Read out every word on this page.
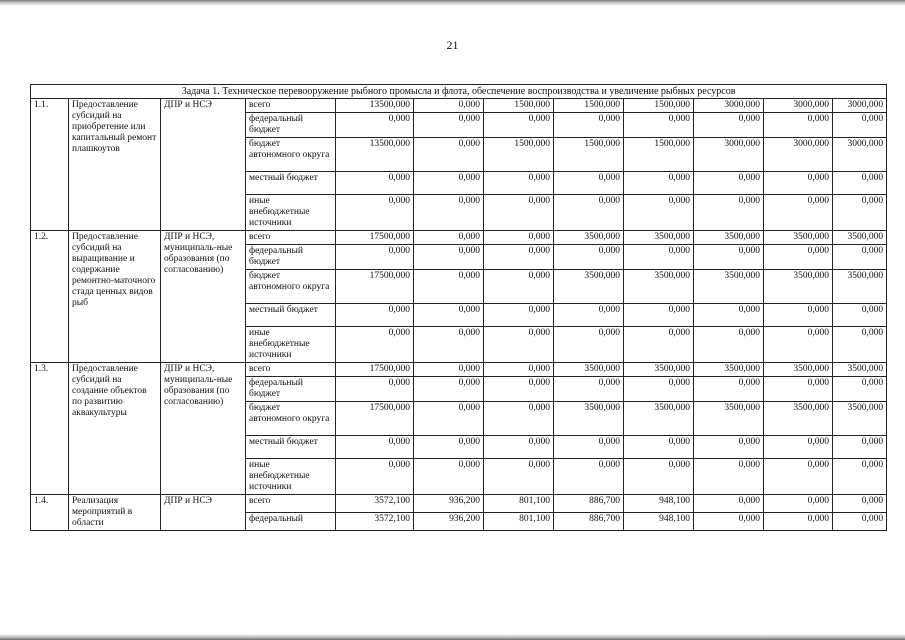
21
Задача 1. Техническое перевооружение рыбного промысла и флота, обеспечение воспроизводства и увеличение рыбных ресурсов											
1.1.	Предоставление субсидий на приобретение или капитальный ремонт плашкоутов	ДПР и НСЭ	всего	13500,000	0,000	1500,000	1500,000	1500,000	3000,000	3000,000	3000,000
			федеральный бюджет	0,000	0,000	0,000	0,000	0,000	0,000	0,000	0,000
			бюджет автономного округа	13500,000	0,000	1500,000	1500,000	1500,000	3000,000	3000,000	3000,000
			местный бюджет	0,000	0,000	0,000	0,000	0,000	0,000	0,000	0,000
			иные внебюджетные источники	0,000	0,000	0,000	0,000	0,000	0,000	0,000	0,000
1.2.	Предоставление субсидий на выращивание и содержание ремонтно-маточного стада ценных видов рыб	ДПР и НСЭ, муниципаль-ные образования (по согласованию)	всего	17500,000	0,000	0,000	3500,000	3500,000	3500,000	3500,000	3500,000
			федеральный бюджет	0,000	0,000	0,000	0,000	0,000	0,000	0,000	0,000
			бюджет автономного округа	17500,000	0,000	0,000	3500,000	3500,000	3500,000	3500,000	3500,000
			местный бюджет	0,000	0,000	0,000	0,000	0,000	0,000	0,000	0,000
			иные внебюджетные источники	0,000	0,000	0,000	0,000	0,000	0,000	0,000	0,000
1.3.	Предоставление субсидий на создание объектов по развитию аквакультуры	ДПР и НСЭ, муниципаль-ные образования (по согласованию)	всего	17500,000	0,000	0,000	3500,000	3500,000	3500,000	3500,000	3500,000
			федеральный бюджет	0,000	0,000	0,000	0,000	0,000	0,000	0,000	0,000
			бюджет автономного округа	17500,000	0,000	0,000	3500,000	3500,000	3500,000	3500,000	3500,000
			местный бюджет	0,000	0,000	0,000	0,000	0,000	0,000	0,000	0,000
			иные внебюджетные источники	0,000	0,000	0,000	0,000	0,000	0,000	0,000	0,000
1.4.	Реализация мероприятий в области	ДПР и НСЭ	всего	3572,100	936,200	801,100	886,700	948,100	0,000	0,000	0,000
			федеральный	3572,100	936,200	801,100	886,700	948,100	0,000	0,000	0,000
